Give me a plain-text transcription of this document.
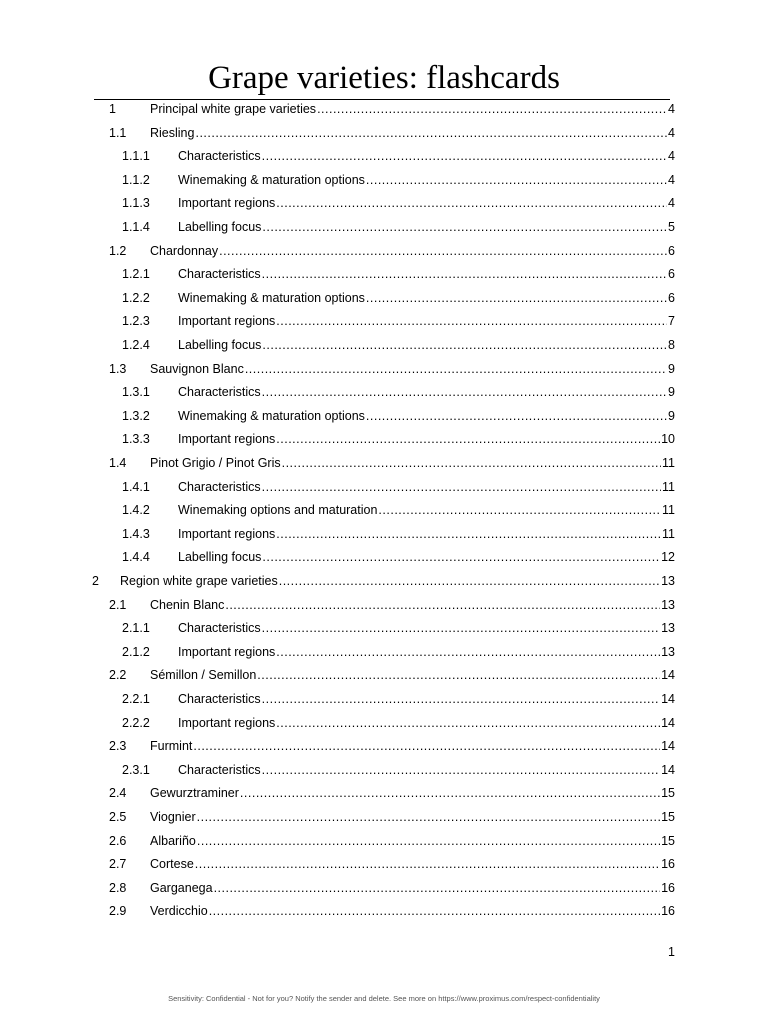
Grape varieties: flashcards
1	Principal white grape varieties .....	4
1.1	Riesling .....	4
1.1.1	Characteristics .....	4
1.1.2	Winemaking & maturation options .....	4
1.1.3	Important regions .....	4
1.1.4	Labelling focus .....	5
1.2	Chardonnay .....	6
1.2.1	Characteristics .....	6
1.2.2	Winemaking & maturation options .....	6
1.2.3	Important regions .....	7
1.2.4	Labelling focus .....	8
1.3	Sauvignon Blanc .....	9
1.3.1	Characteristics .....	9
1.3.2	Winemaking & maturation options .....	9
1.3.3	Important regions .....	10
1.4	Pinot Grigio / Pinot Gris .....	11
1.4.1	Characteristics .....	11
1.4.2	Winemaking options and maturation .....	11
1.4.3	Important regions .....	11
1.4.4	Labelling focus .....	12
2	Region white grape varieties .....	13
2.1	Chenin Blanc .....	13
2.1.1	Characteristics .....	13
2.1.2	Important regions .....	13
2.2	Sémillon / Semillon .....	14
2.2.1	Characteristics .....	14
2.2.2	Important regions .....	14
2.3	Furmint .....	14
2.3.1	Characteristics .....	14
2.4	Gewurztraminer .....	15
2.5	Viognier .....	15
2.6	Albariño .....	15
2.7	Cortese .....	16
2.8	Garganega .....	16
2.9	Verdicchio .....	16
1
Sensitivity: Confidential - Not for you? Notify the sender and delete. See more on https://www.proximus.com/respect-confidentiality
